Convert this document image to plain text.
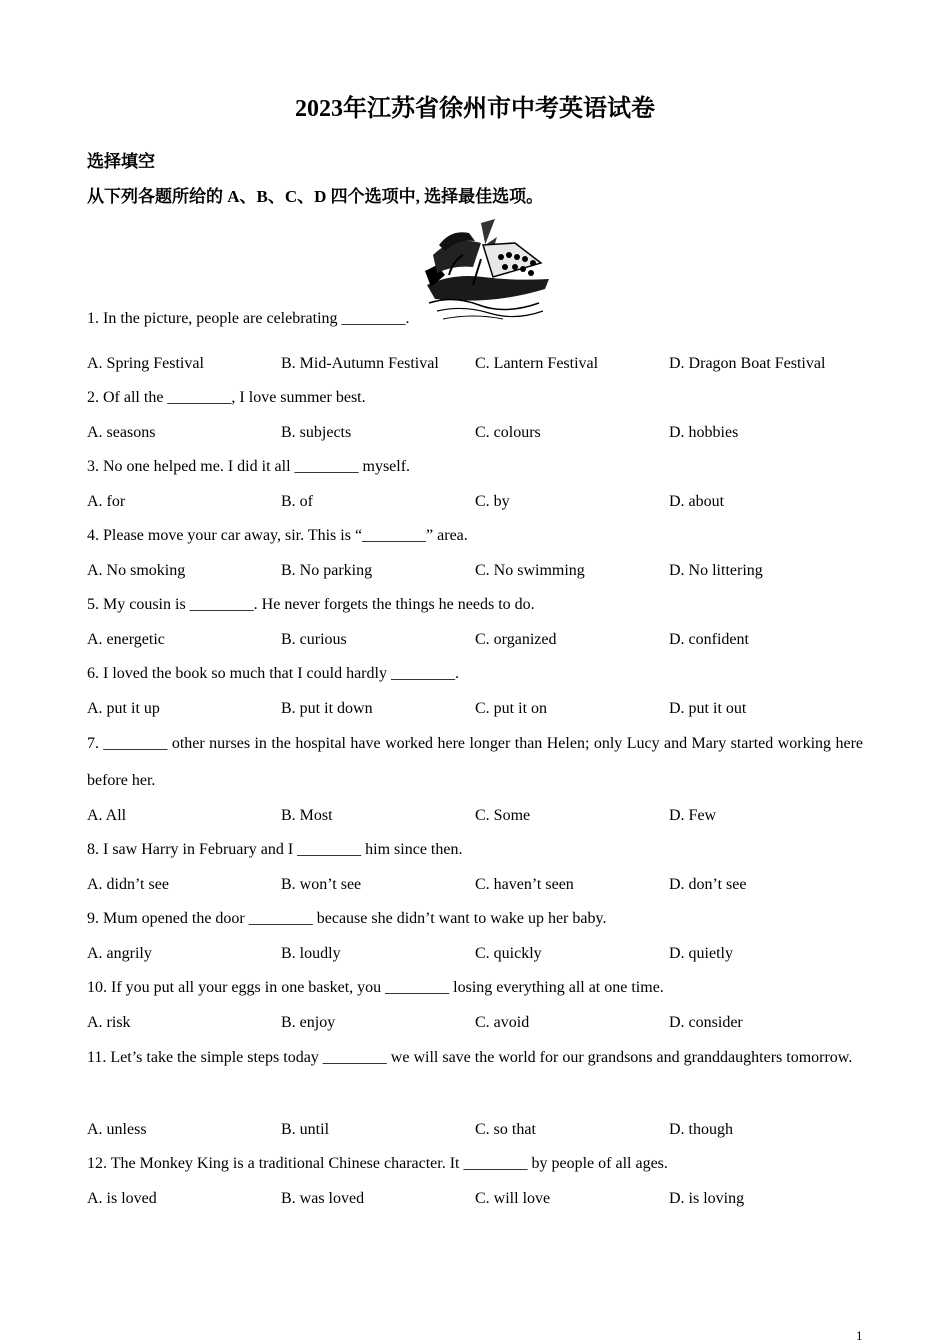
2023年江苏省徐州市中考英语试卷
选择填空
从下列各题所给的 A、B、C、D 四个选项中, 选择最佳选项。
1. In the picture, people are celebrating ________.
A. Spring Festival	B. Mid-Autumn Festival C. Lantern Festival	D. Dragon Boat Festival
2. Of all the ________, I love summer best.
A. seasons	B. subjects	C. colours	D. hobbies
3. No one helped me. I did it all ________ myself.
A. for	B. of	C. by	D. about
4. Please move your car away, sir. This is “________” area.
A. No smoking	B. No parking	C. No swimming	D. No littering
5. My cousin is ________. He never forgets the things he needs to do.
A. energetic	B. curious	C. organized	D. confident
6. I loved the book so much that I could hardly ________.
A. put it up	B. put it down	C. put it on	D. put it out
7. ________ other nurses in the hospital have worked here longer than Helen; only Lucy and Mary started working here before her.
A. All	B. Most	C. Some	D. Few
8. I saw Harry in February and I ________ him since then.
A. didn’t see	B. won’t see	C. haven’t seen	D. don’t see
9. Mum opened the door ________ because she didn’t want to wake up her baby.
A. angrily	B. loudly	C. quickly	D. quietly
10. If you put all your eggs in one basket, you ________ losing everything all at one time.
A. risk	B. enjoy	C. avoid	D. consider
11. Let’s take the simple steps today ________ we will save the world for our grandsons and granddaughters tomorrow.
A. unless	B. until	C. so that	D. though
12. The Monkey King is a traditional Chinese character. It ________ by people of all ages.
A. is loved	B. was loved	C. will love	D. is loving
1
